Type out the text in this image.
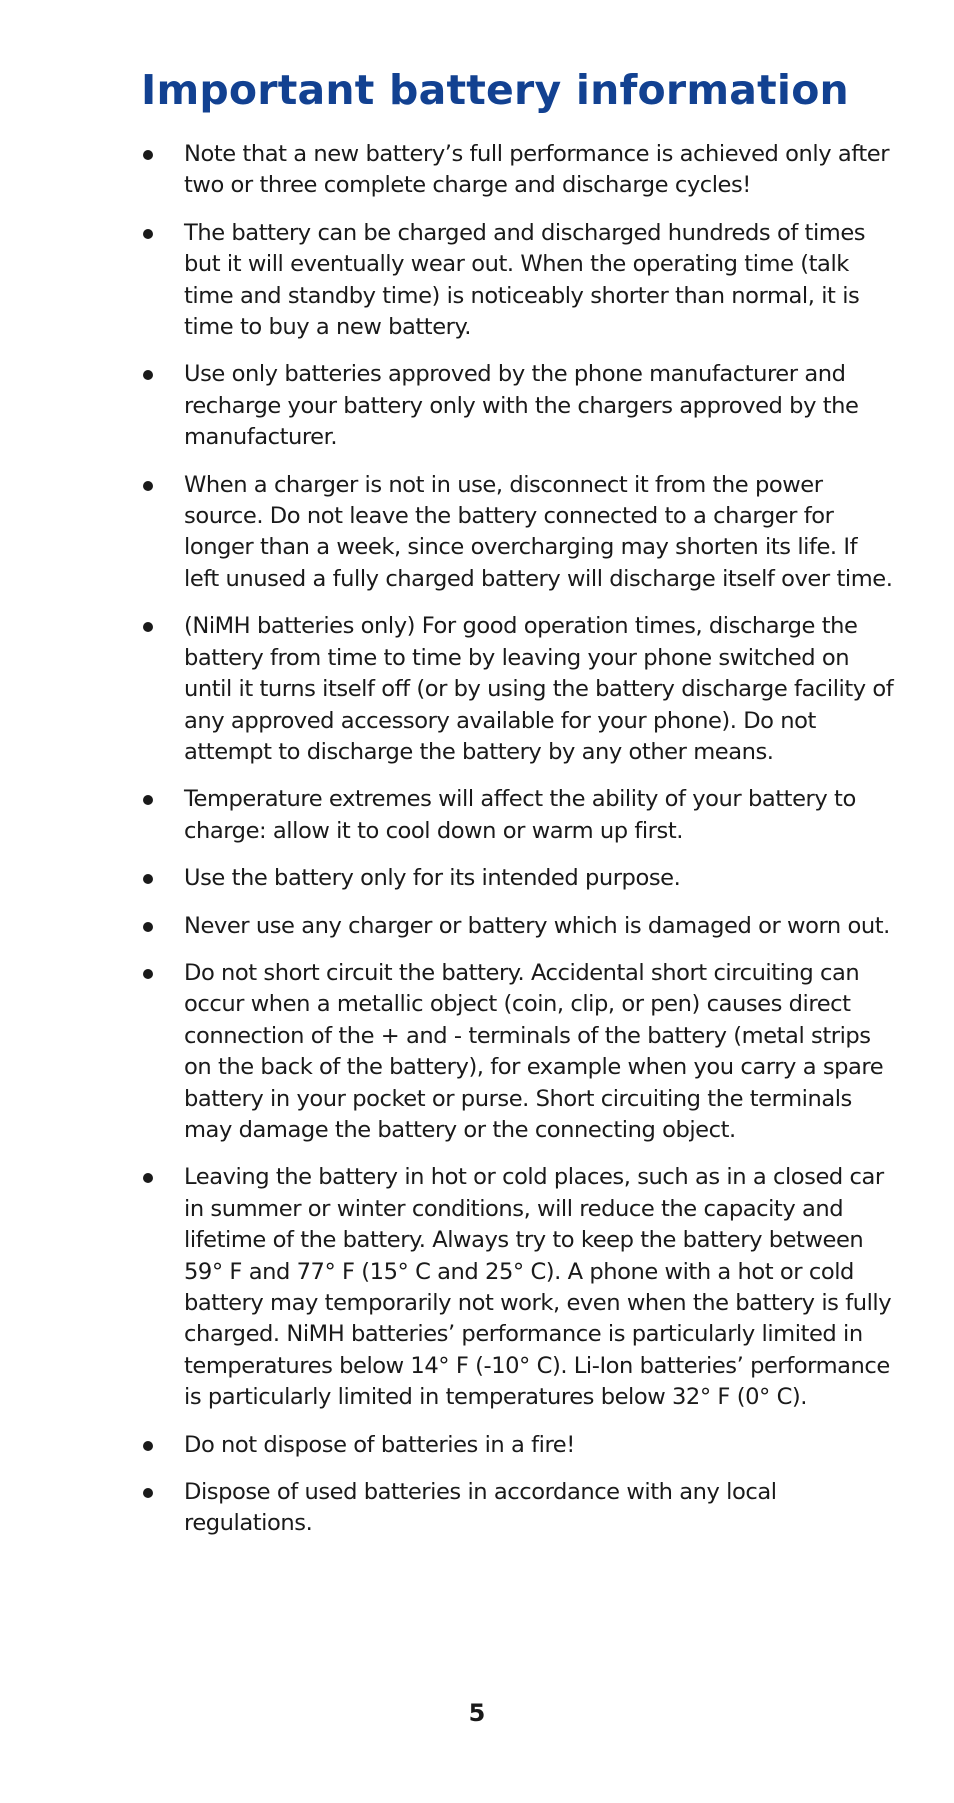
Important battery information
Note that a new battery’s full performance is achieved only after two or three complete charge and discharge cycles!
The battery can be charged and discharged hundreds of times but it will eventually wear out. When the operating time (talk time and standby time) is noticeably shorter than normal, it is time to buy a new battery.
Use only batteries approved by the phone manufacturer and recharge your battery only with the chargers approved by the manufacturer.
When a charger is not in use, disconnect it from the power source. Do not leave the battery connected to a charger for longer than a week, since overcharging may shorten its life. If left unused a fully charged battery will discharge itself over time.
(NiMH batteries only) For good operation times, discharge the battery from time to time by leaving your phone switched on until it turns itself off (or by using the battery discharge facility of any approved accessory available for your phone). Do not attempt to discharge the battery by any other means.
Temperature extremes will affect the ability of your battery to charge: allow it to cool down or warm up first.
Use the battery only for its intended purpose.
Never use any charger or battery which is damaged or worn out.
Do not short circuit the battery. Accidental short circuiting can occur when a metallic object (coin, clip, or pen) causes direct connection of the + and - terminals of the battery (metal strips on the back of the battery), for example when you carry a spare battery in your pocket or purse. Short circuiting the terminals may damage the battery or the connecting object.
Leaving the battery in hot or cold places, such as in a closed car in summer or winter conditions, will reduce the capacity and lifetime of the battery. Always try to keep the battery between 59° F and 77° F (15° C and 25° C). A phone with a hot or cold battery may temporarily not work, even when the battery is fully charged. NiMH batteries’ performance is particularly limited in temperatures below 14° F (-10° C). Li-Ion batteries’ performance is particularly limited in temperatures below 32° F (0° C).
Do not dispose of batteries in a fire!
Dispose of used batteries in accordance with any local regulations.
5
